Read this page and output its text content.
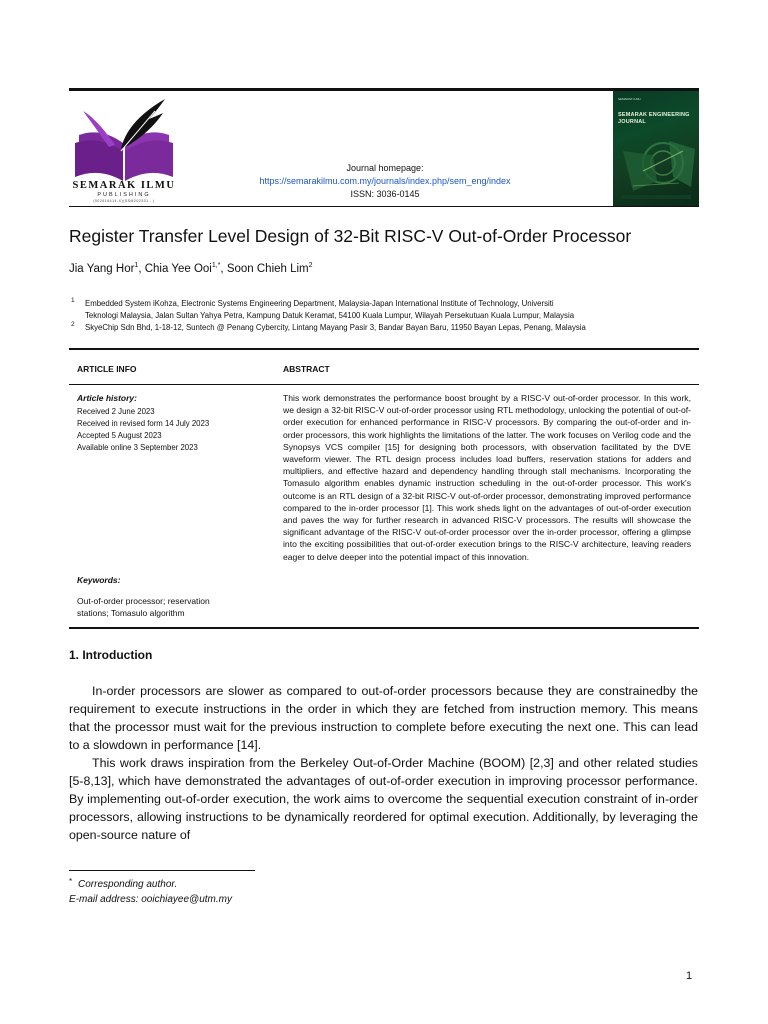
SEMARAK ILMU
PUBLISHING
(002616414-X)(SSM202301...)
Journal homepage:
https://semarakilmu.com.my/journals/index.php/sem_eng/index
ISSN: 3036-0145
SEMARAK ILMU
SEMARAK ENGINEERING JOURNAL
Register Transfer Level Design of 32-Bit RISC-V Out-of-Order Processor
Jia Yang Hor$^1$, Chia Yee Ooi$^{1,*}$, Soon Chieh Lim$^2$
1 Embedded System iKohza, Electronic Systems Engineering Department, Malaysia-Japan International Institute of Technology, Universiti
Teknologi Malaysia, Jalan Sultan Yahya Petra, Kampung Datuk Keramat, 54100 Kuala Lumpur, Wilayah Persekutuan Kuala Lumpur, Malaysia
2 SkyeChip Sdn Bhd, 1-18-12, Suntech @ Penang Cybercity, Lintang Mayang Pasir 3, Bandar Bayan Baru, 11950 Bayan Lepas, Penang, Malaysia
ARTICLE INFO	ABSTRACT
Article history:
Received 2 June 2023
Received in revised form 14 July 2023
Accepted 5 August 2023
Available online 3 September 2023
Keywords:
Out-of-order processor; reservation
stations; Tomasulo algorithm
This work demonstrates the performance boost brought by a RISC-V out-of-order processor. In this work, we design a 32-bit RISC-V out-of-order processor using RTL methodology, unlocking the potential of out-of-order execution for enhanced performance in RISC-V processors. By comparing the out-of-order and in-order processors, this work highlights the limitations of the latter. The work focuses on Verilog code and the Synopsys VCS compiler [15] for designing both processors, with observation facilitated by the DVE waveform viewer. The RTL design process includes load buffers, reservation stations for adders and multipliers, and effective hazard and dependency handling through stall mechanisms. Incorporating the Tomasulo algorithm enables dynamic instruction scheduling in the out-of-order processor. This work's outcome is an RTL design of a 32-bit RISC-V out-of-order processor, demonstrating improved performance compared to the in-order processor [1]. This work sheds light on the advantages of out-of-order execution and paves the way for further research in advanced RISC-V processors. The results will showcase the significant advantage of the RISC-V out-of-order processor over the in-order processor, offering a glimpse into the exciting possibilities that out-of-order execution brings to the RISC-V architecture, leaving readers eager to delve deeper into the potential impact of this innovation.
1. Introduction
In-order processors are slower as compared to out-of-order processors because they are constrainedby the requirement to execute instructions in the order in which they are fetched from instruction memory. This means that the processor must wait for the previous instruction to complete before executing the next one. This can lead to a slowdown in performance [14].
This work draws inspiration from the Berkeley Out-of-Order Machine (BOOM) [2,3] and other related studies [5-8,13], which have demonstrated the advantages of out-of-order execution in improving processor performance. By implementing out-of-order execution, the work aims to overcome the sequential execution constraint of in-order processors, allowing instructions to be dynamically reordered for optimal execution. Additionally, by leveraging the open-source nature of
* Corresponding author.
E-mail address: ooichiayee@utm.my
1
